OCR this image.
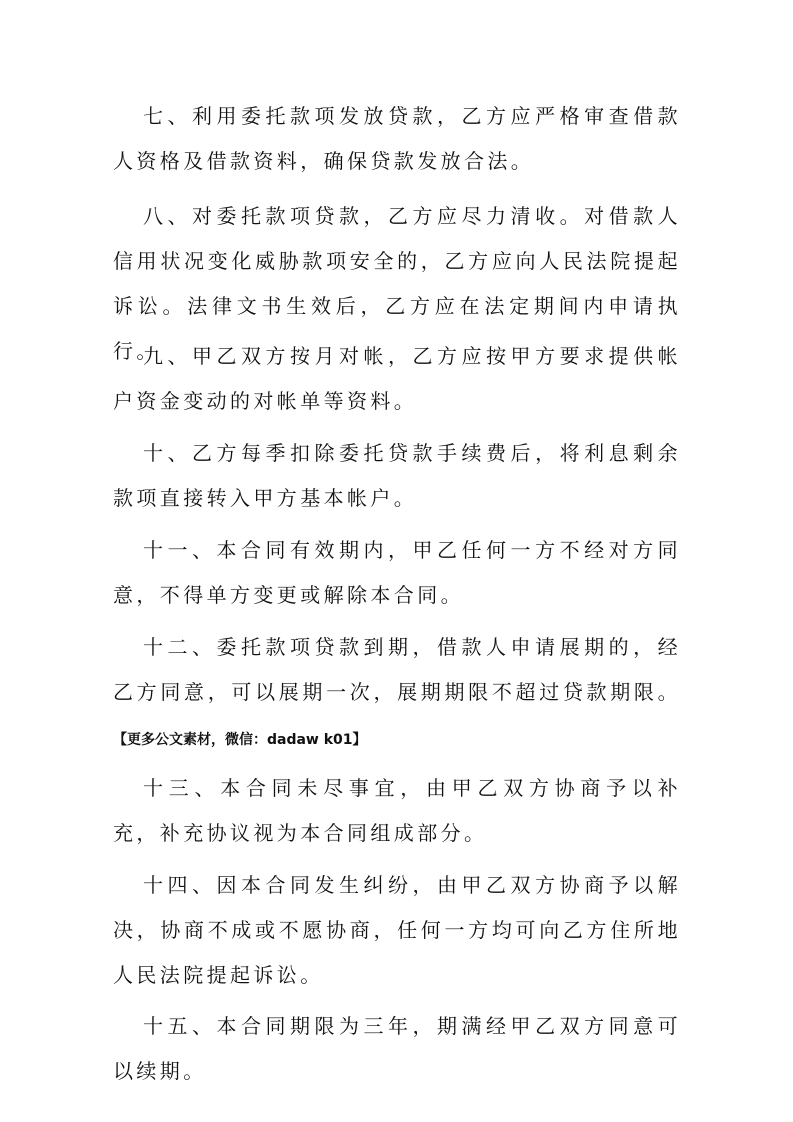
七、利用委托款项发放贷款，乙方应严格审查借款人资格及借款资料，确保贷款发放合法。

八、对委托款项贷款，乙方应尽力清收。对借款人信用状况变化威胁款项安全的，乙方应向人民法院提起诉讼。法律文书生效后，乙方应在法定期间内申请执行。

九、甲乙双方按月对帐，乙方应按甲方要求提供帐户资金变动的对帐单等资料。

十、乙方每季扣除委托贷款手续费后，将利息剩余款项直接转入甲方基本帐户。

十一、本合同有效期内，甲乙任何一方不经对方同意，不得单方变更或解除本合同。

十二、委托款项贷款到期，借款人申请展期的，经乙方同意，可以展期一次，展期期限不超过贷款期限。【更多公文素材，微信：dadaw k01】

十三、本合同未尽事宜，由甲乙双方协商予以补充，补充协议视为本合同组成部分。

十四、因本合同发生纠纷，由甲乙双方协商予以解决，协商不成或不愿协商，任何一方均可向乙方住所地人民法院提起诉讼。

十五、本合同期限为三年，期满经甲乙双方同意可以续期。
